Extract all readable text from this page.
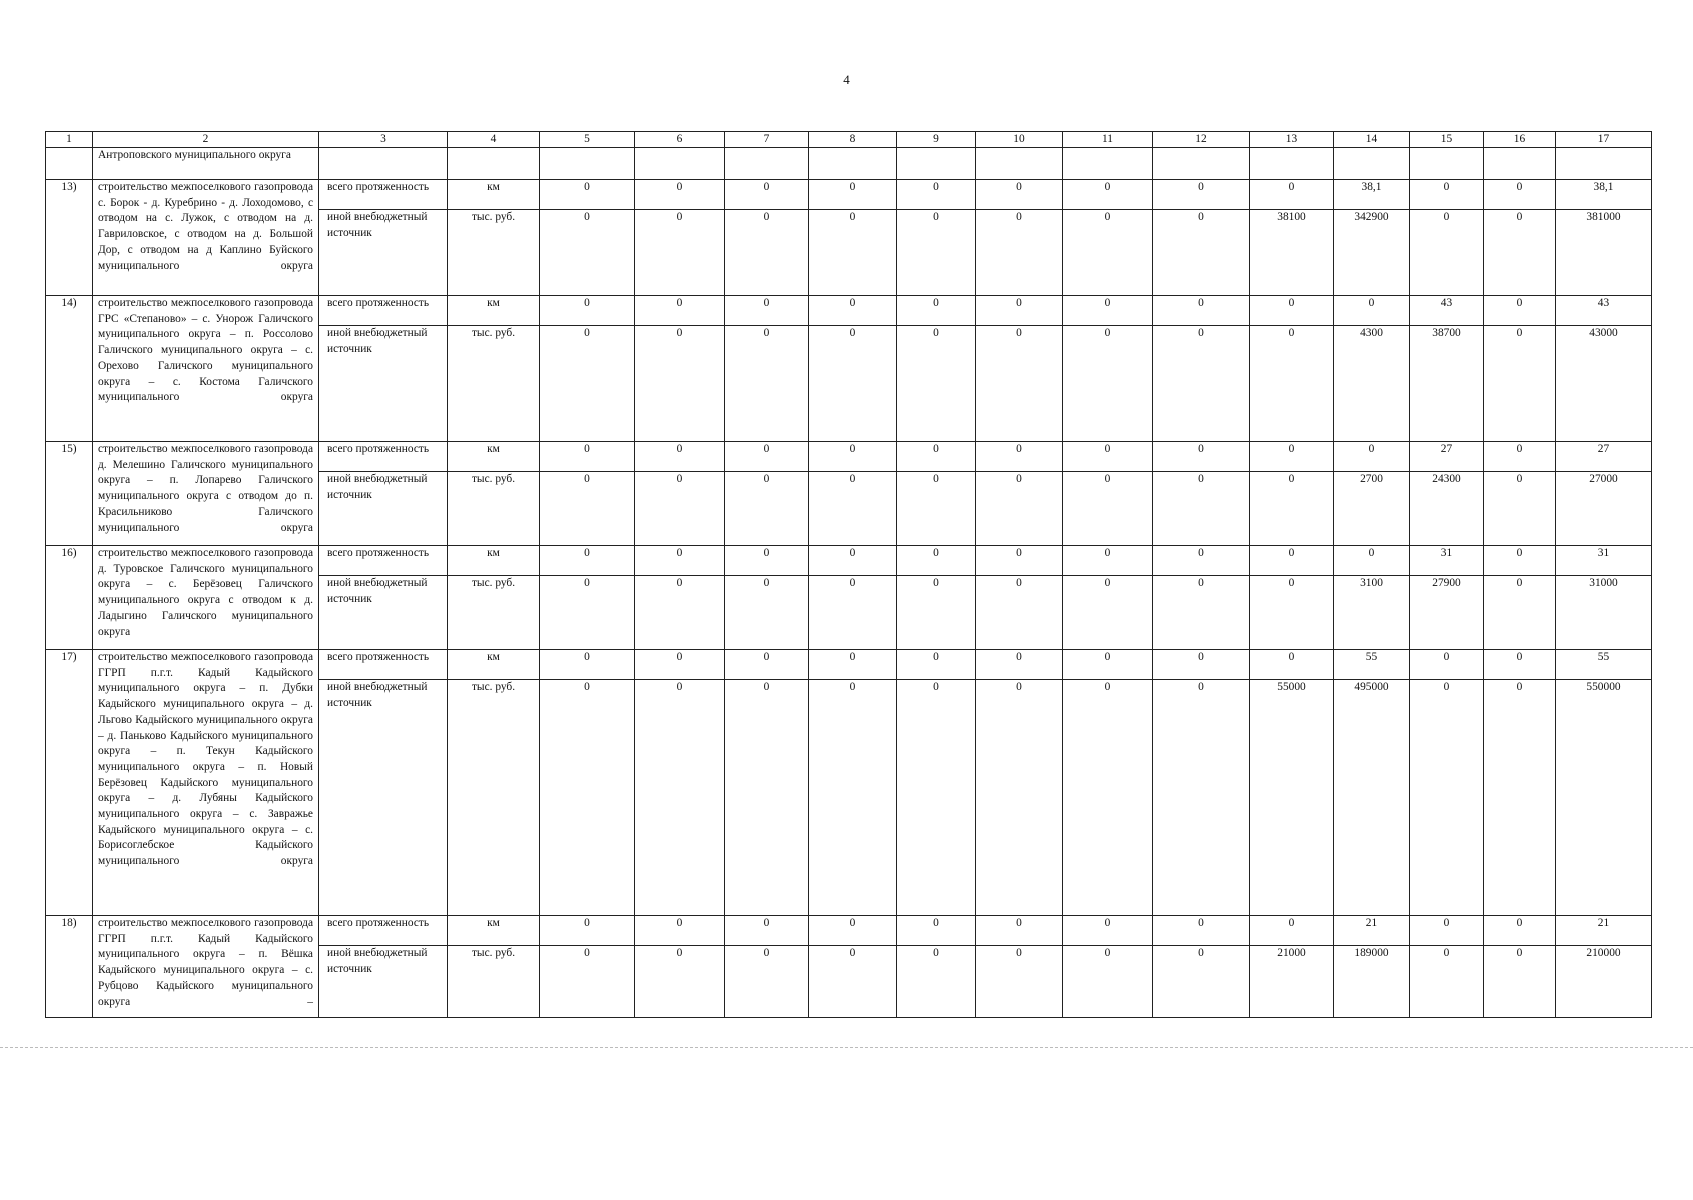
4
1	2	3	4	5	6	7	8	9	10	11	12	13	14	15	16	17
	Антроповского муниципального округа															
13)	строительство межпоселкового газопровода с. Борок - д. Куребрино - д. Лоходомово, с отводом на с. Лужок, с отводом на д. Гавриловское, с отводом на д. Большой Дор, с отводом на д Каплино Буйского муниципального округа	всего протяженность	км	0	0	0	0	0	0	0	0	0	38,1	0	0	38,1
		иной внебюджетный источник	тыс. руб.	0	0	0	0	0	0	0	0	38100	342900	0	0	381000
14)	строительство межпоселкового газопровода ГРС «Степаново» – с. Унорож Галичского муниципального округа – п. Россолово Галичского муниципального округа – с. Орехово Галичского муниципального округа – с. Костома Галичского муниципального округа	всего протяженность	км	0	0	0	0	0	0	0	0	0	0	43	0	43
		иной внебюджетный источник	тыс. руб.	0	0	0	0	0	0	0	0	0	4300	38700	0	43000
15)	строительство межпоселкового газопровода д. Мелешино Галичского муниципального округа – п. Лопарево Галичского муниципального округа с отводом до п. Красильниково Галичского муниципального округа	всего протяженность	км	0	0	0	0	0	0	0	0	0	0	27	0	27
		иной внебюджетный источник	тыс. руб.	0	0	0	0	0	0	0	0	0	2700	24300	0	27000
16)	строительство межпоселкового газопровода д. Туровское Галичского муниципального округа – с. Берёзовец Галичского муниципального округа с отводом к д. Ладыгино Галичского муниципального округа	всего протяженность	км	0	0	0	0	0	0	0	0	0	0	31	0	31
		иной внебюджетный источник	тыс. руб.	0	0	0	0	0	0	0	0	0	3100	27900	0	31000
17)	строительство межпоселкового газопровода ГГРП п.г.т. Кадый Кадыйского муниципального округа – п. Дубки Кадыйского муниципального округа – д. Льгово Кадыйского муниципального округа – д. Паньково Кадыйского муниципального округа – п. Текун Кадыйского муниципального округа – п. Новый Берёзовец Кадыйского муниципального округа – д. Лубяны Кадыйского муниципального округа – с. Завражье Кадыйского муниципального округа – с. Борисоглебское Кадыйского муниципального округа	всего протяженность	км	0	0	0	0	0	0	0	0	0	55	0	0	55
		иной внебюджетный источник	тыс. руб.	0	0	0	0	0	0	0	0	55000	495000	0	0	550000
18)	строительство межпоселкового газопровода ГГРП п.г.т. Кадый Кадыйского муниципального округа – п. Вёшка Кадыйского муниципального округа – с. Рубцово Кадыйского муниципального округа –	всего протяженность	км	0	0	0	0	0	0	0	0	0	21	0	0	21
		иной внебюджетный источник	тыс. руб.	0	0	0	0	0	0	0	0	21000	189000	0	0	210000
